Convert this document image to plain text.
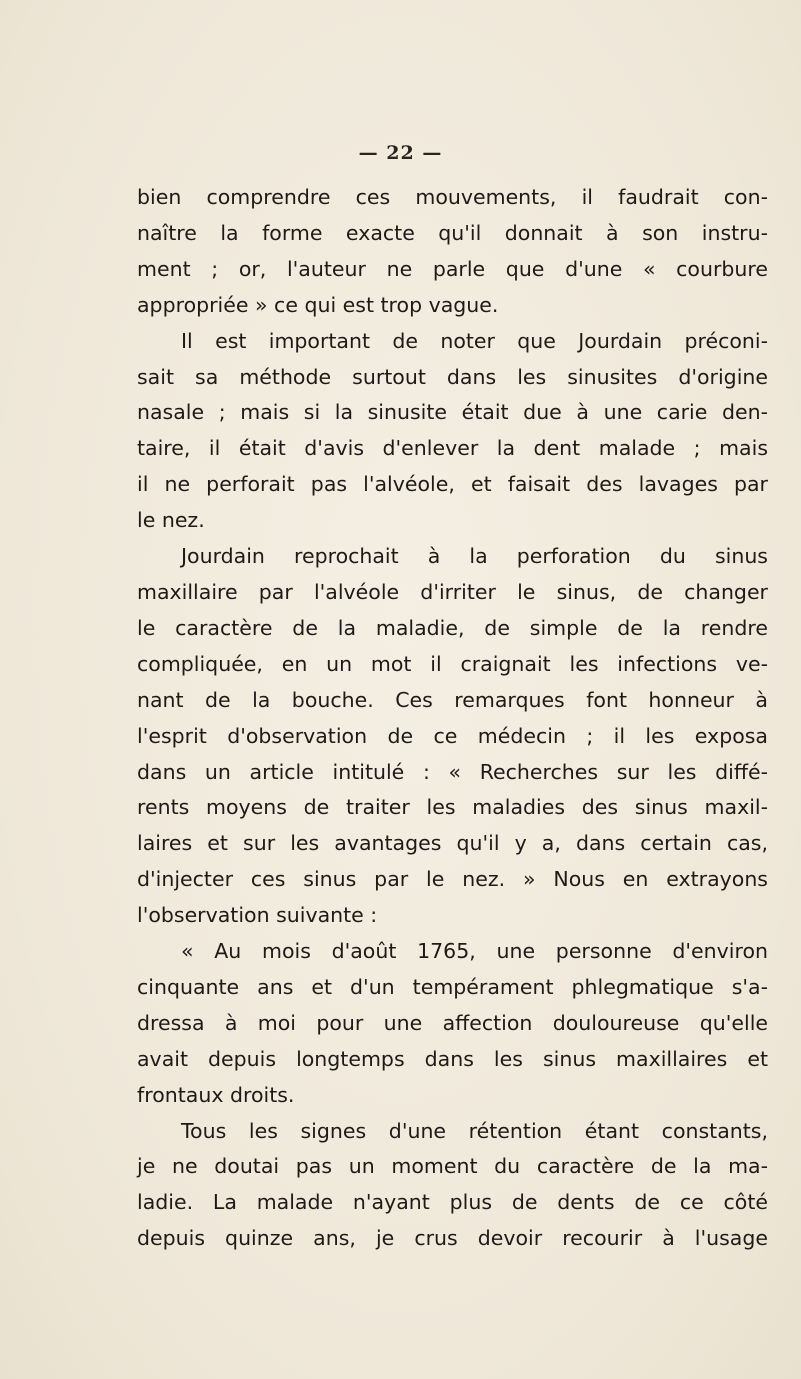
— 22 —
bien comprendre ces mouvements, il faudrait con-
naître la forme exacte qu'il donnait à son instru-
ment ; or, l'auteur ne parle que d'une « courbure
appropriée » ce qui est trop vague.
Il est important de noter que Jourdain préconi-
sait sa méthode surtout dans les sinusites d'origine
nasale ; mais si la sinusite était due à une carie den-
taire, il était d'avis d'enlever la dent malade ; mais
il ne perforait pas l'alvéole, et faisait des lavages par
le nez.
Jourdain reprochait à la perforation du sinus
maxillaire par l'alvéole d'irriter le sinus, de changer
le caractère de la maladie, de simple de la rendre
compliquée, en un mot il craignait les infections ve-
nant de la bouche. Ces remarques font honneur à
l'esprit d'observation de ce médecin ; il les exposa
dans un article intitulé : « Recherches sur les diffé-
rents moyens de traiter les maladies des sinus maxil-
laires et sur les avantages qu'il y a, dans certain cas,
d'injecter ces sinus par le nez. » Nous en extrayons
l'observation suivante :
« Au mois d'août 1765, une personne d'environ
cinquante ans et d'un tempérament phlegmatique s'a-
dressa à moi pour une affection douloureuse qu'elle
avait depuis longtemps dans les sinus maxillaires et
frontaux droits.
Tous les signes d'une rétention étant constants,
je ne doutai pas un moment du caractère de la ma-
ladie. La malade n'ayant plus de dents de ce côté
depuis quinze ans, je crus devoir recourir à l'usage
